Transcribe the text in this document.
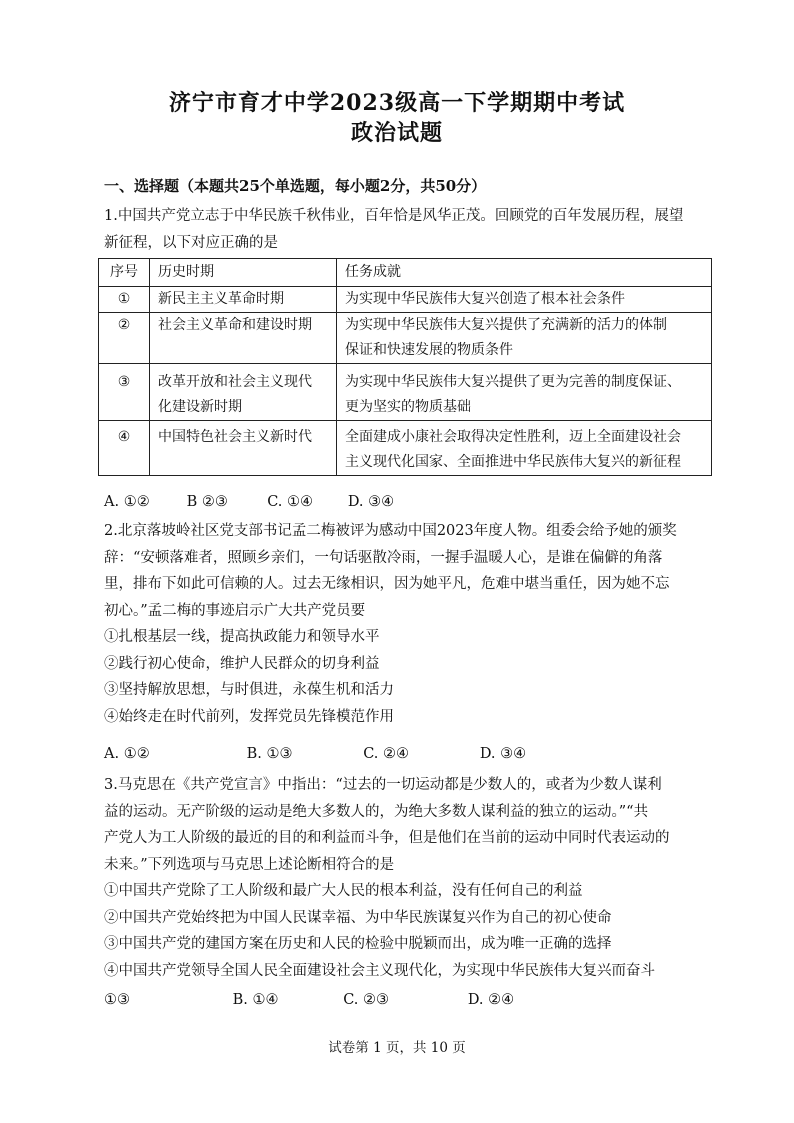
济宁市育才中学2023级高一下学期期中考试
政治试题
一、选择题（本题共25个单选题，每小题2分，共50分）
1.中国共产党立志于中华民族千秋伟业，百年恰是风华正茂。回顾党的百年发展历程，展望
新征程，以下对应正确的是
序号	历史时期	任务成就
①	新民主主义革命时期	为实现中华民族伟大复兴创造了根本社会条件

②	社会主义革命和建设时期	为实现中华民族伟大复兴提供了充满新的活力的体制
保证和快速发展的物质条件

③	改革开放和社会主义现代
化建设新时期	为实现中华民族伟大复兴提供了更为完善的制度保证、
更为坚实的物质基础

④	中国特色社会主义新时代	全面建成小康社会取得决定性胜利，迈上全面建设社会
主义现代化国家、全面推进中华民族伟大复兴的新征程
A. ①②	B ②③	C. ①④ D. ③④
2.北京落坡岭社区党支部书记孟二梅被评为感动中国2023年度人物。组委会给予她的颁奖
辞：“安顿落难者，照顾乡亲们，一句话驱散冷雨，一握手温暖人心，是谁在偏僻的角落
里，排布下如此可信赖的人。过去无缘相识，因为她平凡，危难中堪当重任，因为她不忘
初心。”孟二梅的事迹启示广大共产党员要
①扎根基层一线，提高执政能力和领导水平
②践行初心使命，维护人民群众的切身利益
③坚持解放思想，与时俱进，永葆生机和活力
④始终走在时代前列，发挥党员先锋模范作用
A. ①②	B. ①③	C. ②④	D. ③④
3.马克思在《共产党宣言》中指出：“过去的一切运动都是少数人的，或者为少数人谋利
益的运动。无产阶级的运动是绝大多数人的，为绝大多数人谋利益的独立的运动。”“共
产党人为工人阶级的最近的目的和利益而斗争，但是他们在当前的运动中同时代表运动的
未来。”下列选项与马克思上述论断相符合的是
①中国共产党除了工人阶级和最广大人民的根本利益，没有任何自己的利益
②中国共产党始终把为中国人民谋幸福、为中华民族谋复兴作为自己的初心使命
③中国共产党的建国方案在历史和人民的检验中脱颖而出，成为唯一正确的选择
④中国共产党领导全国人民全面建设社会主义现代化，为实现中华民族伟大复兴而奋斗
①③	B. ①④	C. ②③	D. ②④
试卷第 1 页，共 10 页
